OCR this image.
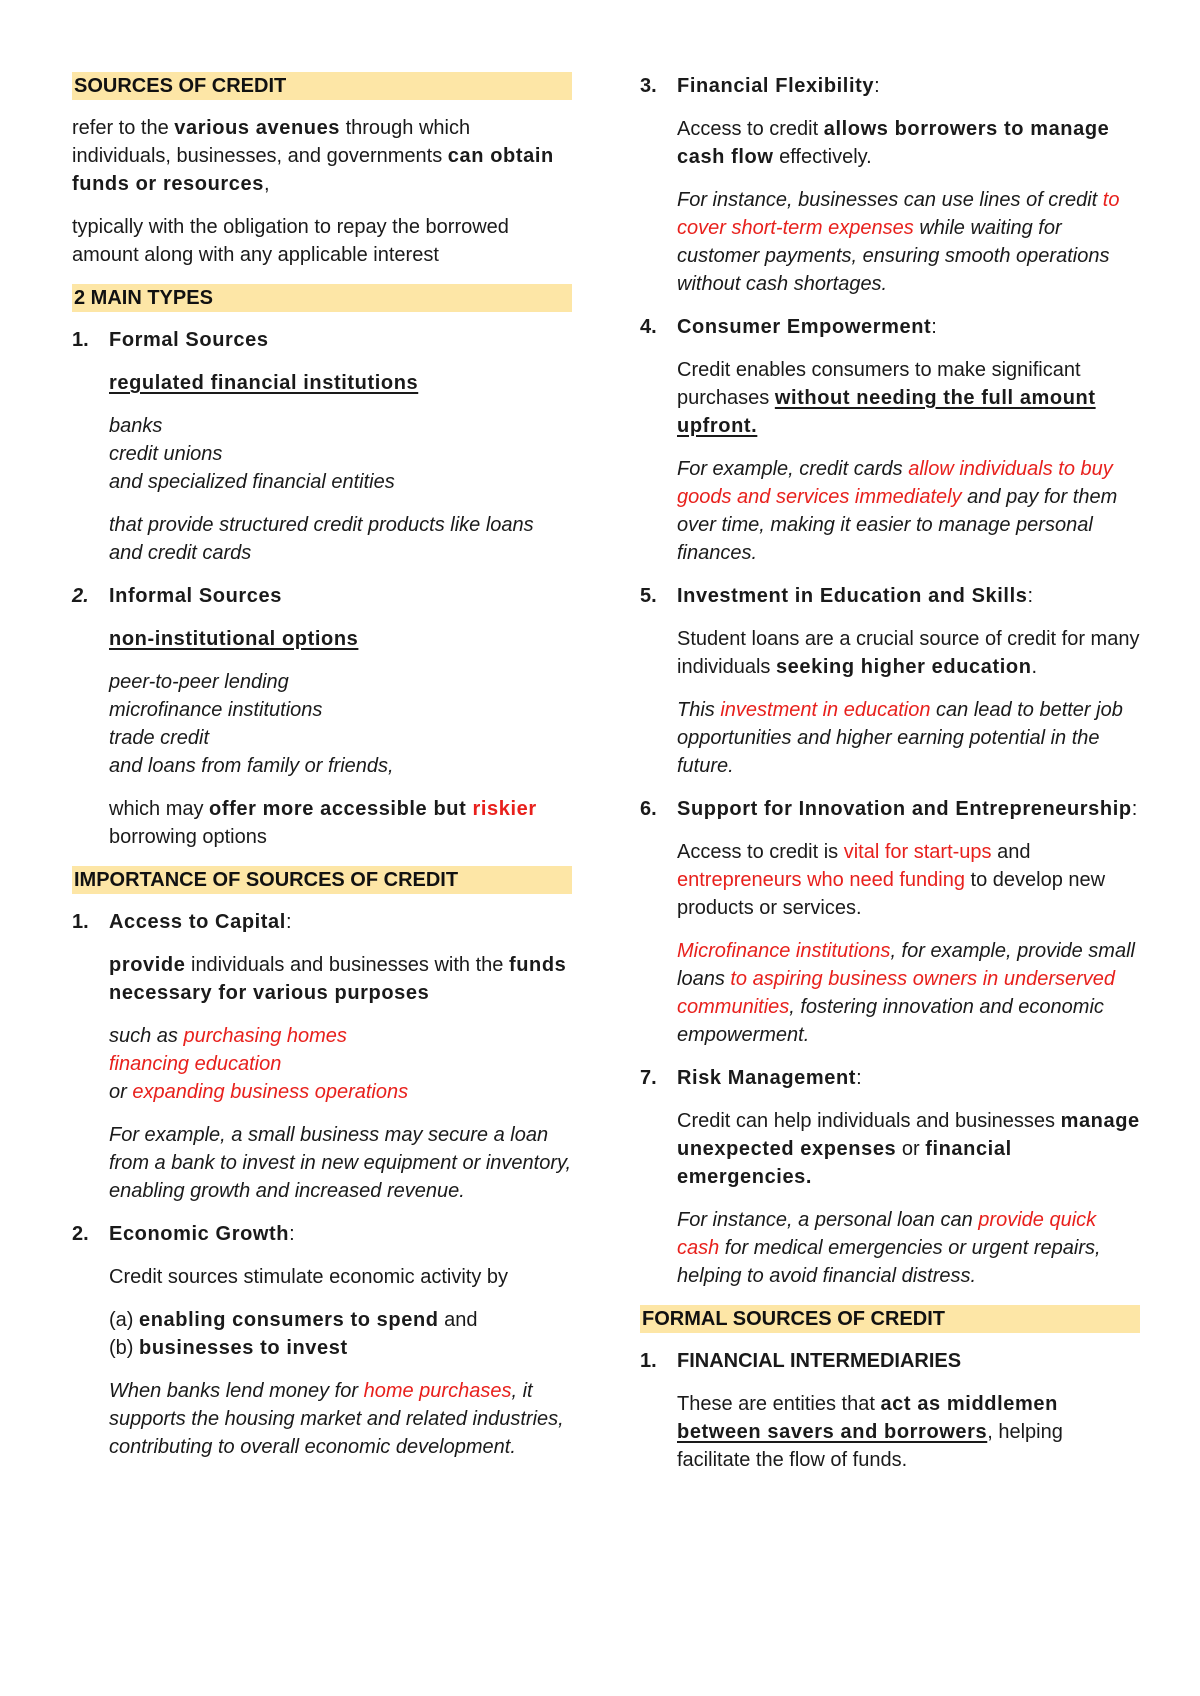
SOURCES OF CREDIT

refer to the various avenues through which individuals, businesses, and governments can obtain funds or resources,

typically with the obligation to repay the borrowed amount along with any applicable interest

2 MAIN TYPES
1. Formal Sources

regulated financial institutions

banks
credit unions
and specialized financial entities

that provide structured credit products like loans and credit cards

2. Informal Sources

non-institutional options

peer-to-peer lending
microfinance institutions
trade credit
and loans from family or friends,

which may offer more accessible but riskier borrowing options

IMPORTANCE OF SOURCES OF CREDIT
1. Access to Capital:

provide individuals and businesses with the funds necessary for various purposes

such as purchasing homes
financing education
or expanding business operations

For example, a small business may secure a loan from a bank to invest in new equipment or inventory, enabling growth and increased revenue.

2. Economic Growth:

Credit sources stimulate economic activity by

(a) enabling consumers to spend and
(b) businesses to invest

When banks lend money for home purchases, it supports the housing market and related industries, contributing to overall economic development.

3. Financial Flexibility:

Access to credit allows borrowers to manage cash flow effectively.

For instance, businesses can use lines of credit to cover short-term expenses while waiting for customer payments, ensuring smooth operations without cash shortages.

4. Consumer Empowerment:

Credit enables consumers to make significant purchases without needing the full amount upfront.

For example, credit cards allow individuals to buy goods and services immediately and pay for them over time, making it easier to manage personal finances.

5. Investment in Education and Skills:

Student loans are a crucial source of credit for many individuals seeking higher education.

This investment in education can lead to better job opportunities and higher earning potential in the future.

6. Support for Innovation and Entrepreneurship:

Access to credit is vital for start-ups and entrepreneurs who need funding to develop new products or services.

Microfinance institutions, for example, provide small loans to aspiring business owners in underserved communities, fostering innovation and economic empowerment.

7. Risk Management:

Credit can help individuals and businesses manage unexpected expenses or financial emergencies.

For instance, a personal loan can provide quick cash for medical emergencies or urgent repairs, helping to avoid financial distress.

FORMAL SOURCES OF CREDIT
1. FINANCIAL INTERMEDIARIES

These are entities that act as middlemen between savers and borrowers, helping facilitate the flow of funds.
